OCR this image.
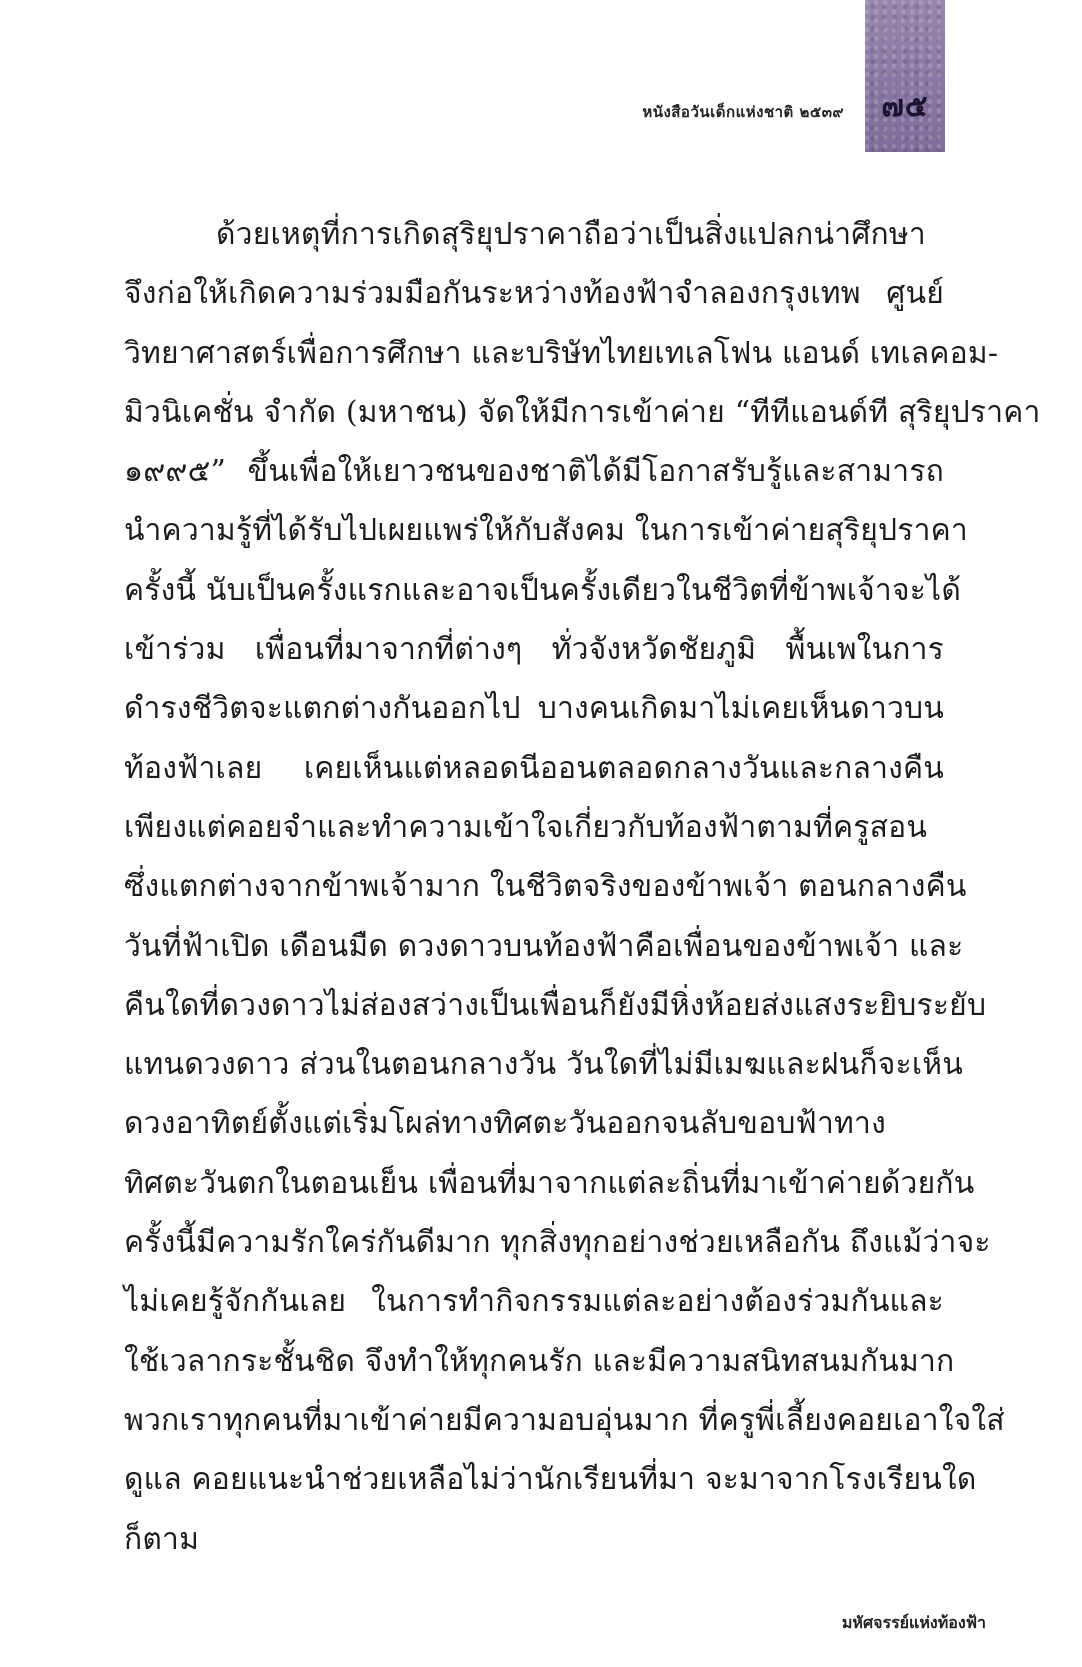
หนังสือวันเด็กแห่งชาติ ๒๕๓๙	๗๕
ด้วยเหตุที่การเกิดสุริยุปราคาถือว่าเป็นสิ่งแปลกน่าศึกษา
จึงก่อให้เกิดความร่วมมือกันระหว่างท้องฟ้าจำลองกรุงเทพ ศูนย์
วิทยาศาสตร์เพื่อการศึกษา และบริษัทไทยเทเลโฟน แอนด์ เทเลคอม-
มิวนิเคชั่น จำกัด (มหาชน) จัดให้มีการเข้าค่าย “ทีทีแอนด์ที สุริยุปราคา
๑๙๙๕” ขึ้นเพื่อให้เยาวชนของชาติได้มีโอกาสรับรู้และสามารถ
นำความรู้ที่ได้รับไปเผยแพร่ให้กับสังคม ในการเข้าค่ายสุริยุปราคา
ครั้งนี้ นับเป็นครั้งแรกและอาจเป็นครั้งเดียวในชีวิตที่ข้าพเจ้าจะได้
เข้าร่วม เพื่อนที่มาจากที่ต่างๆ ทั่วจังหวัดชัยภูมิ พื้นเพในการ
ดำรงชีวิตจะแตกต่างกันออกไป บางคนเกิดมาไม่เคยเห็นดาวบน
ท้องฟ้าเลย เคยเห็นแต่หลอดนีออนตลอดกลางวันและกลางคืน
เพียงแต่คอยจำและทำความเข้าใจเกี่ยวกับท้องฟ้าตามที่ครูสอน
ซึ่งแตกต่างจากข้าพเจ้ามาก ในชีวิตจริงของข้าพเจ้า ตอนกลางคืน
วันที่ฟ้าเปิด เดือนมืด ดวงดาวบนท้องฟ้าคือเพื่อนของข้าพเจ้า และ
คืนใดที่ดวงดาวไม่ส่องสว่างเป็นเพื่อนก็ยังมีหิ่งห้อยส่งแสงระยิบระยับ
แทนดวงดาว ส่วนในตอนกลางวัน วันใดที่ไม่มีเมฆและฝนก็จะเห็น
ดวงอาทิตย์ตั้งแต่เริ่มโผล่ทางทิศตะวันออกจนลับขอบฟ้าทาง
ทิศตะวันตกในตอนเย็น เพื่อนที่มาจากแต่ละถิ่นที่มาเข้าค่ายด้วยกัน
ครั้งนี้มีความรักใคร่กันดีมาก ทุกสิ่งทุกอย่างช่วยเหลือกัน ถึงแม้ว่าจะ
ไม่เคยรู้จักกันเลย ในการทำกิจกรรมแต่ละอย่างต้องร่วมกันและ
ใช้เวลากระชั้นชิด จึงทำให้ทุกคนรัก และมีความสนิทสนมกันมาก
พวกเราทุกคนที่มาเข้าค่ายมีความอบอุ่นมาก ที่ครูพี่เลี้ยงคอยเอาใจใส่
ดูแล คอยแนะนำช่วยเหลือไม่ว่านักเรียนที่มา จะมาจากโรงเรียนใด
ก็ตาม
มหัศจรรย์แห่งท้องฟ้า
